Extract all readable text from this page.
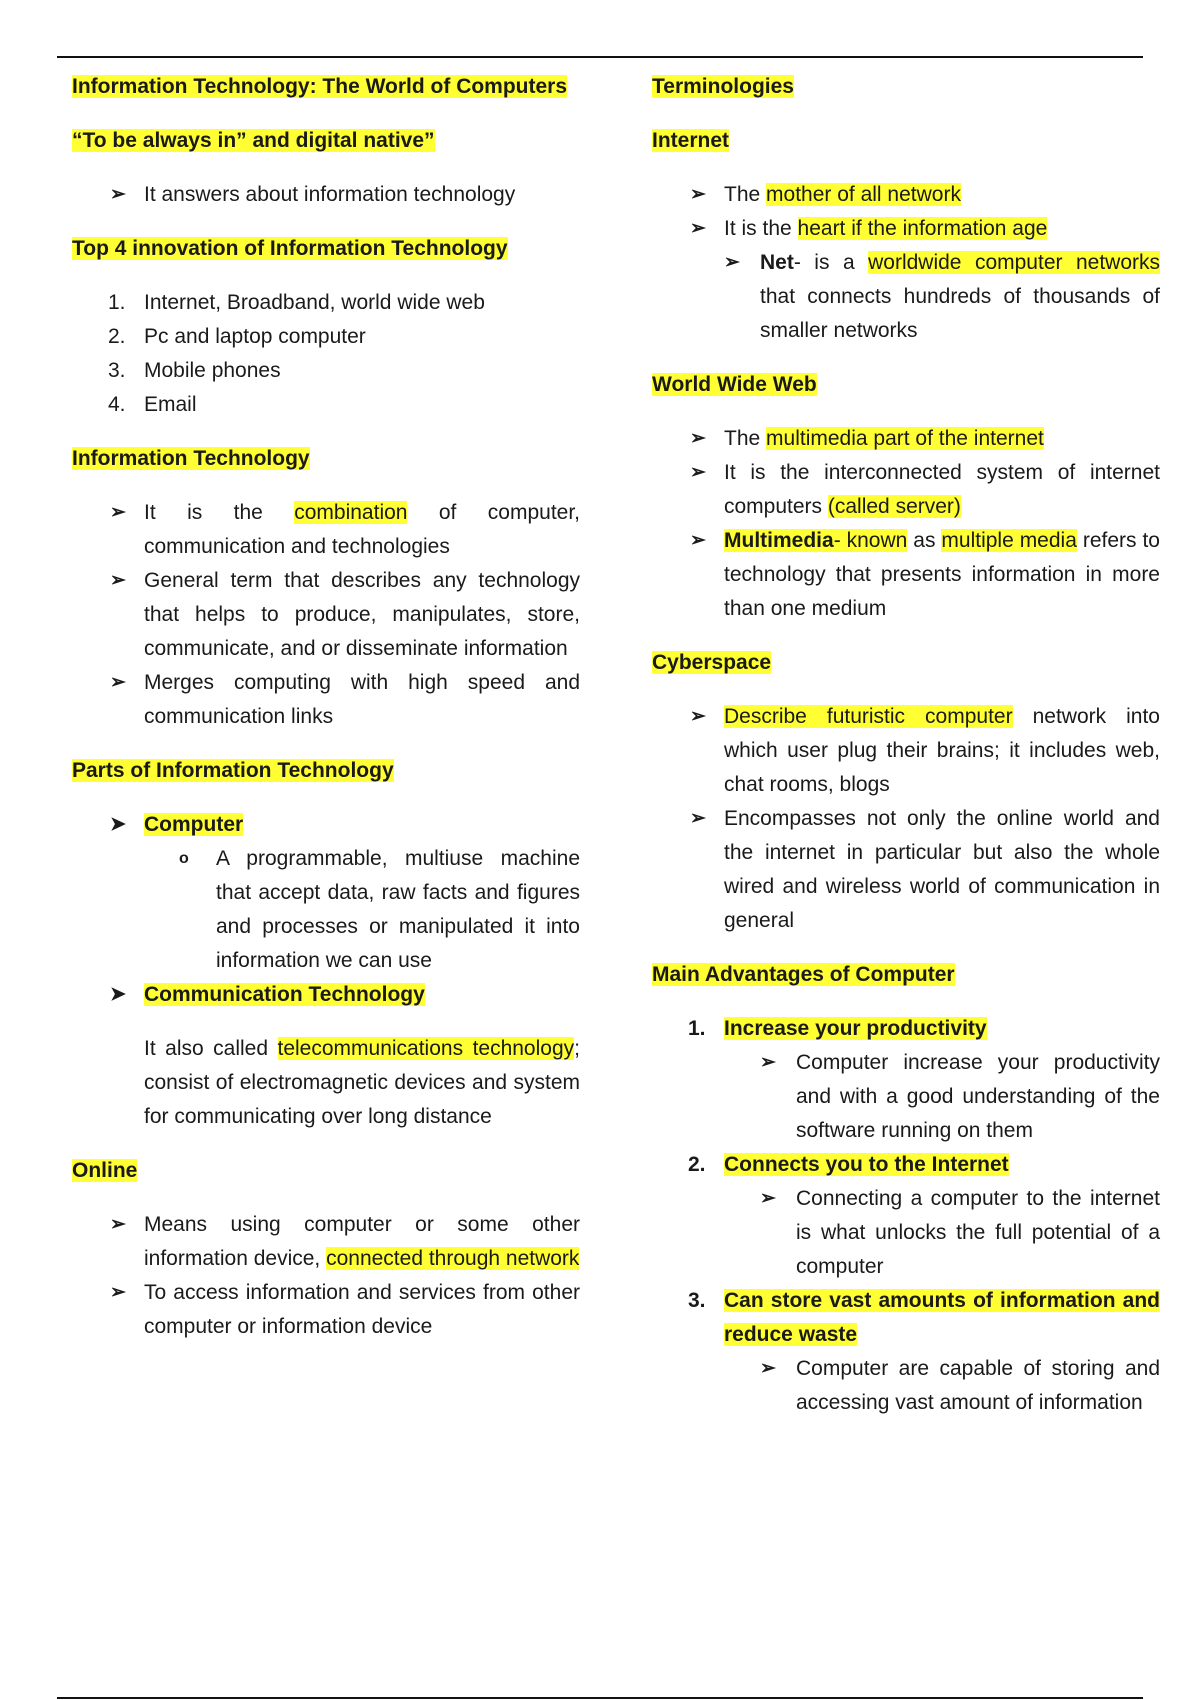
Information Technology: The World of Computers

“To be always in” and digital native”

➢ It answers about information technology

Top 4 innovation of Information Technology

1. Internet, Broadband, world wide web
2. Pc and laptop computer
3. Mobile phones
4. Email

Information Technology

➢ It is the combination of computer, communication and technologies
➢ General term that describes any technology that helps to produce, manipulates, store, communicate, and or disseminate information
➢ Merges computing with high speed and communication links

Parts of Information Technology

➤ Computer
o A programmable, multiuse machine that accept data, raw facts and figures and processes or manipulated it into information we can use
➤ Communication Technology
It also called telecommunications technology; consist of electromagnetic devices and system for communicating over long distance

Online

➢ Means using computer or some other information device, connected through network
➢ To access information and services from other computer or information device

Terminologies

Internet

➢ The mother of all network
➢ It is the heart if the information age
➢ Net- is a worldwide computer networks that connects hundreds of thousands of smaller networks

World Wide Web

➢ The multimedia part of the internet
➢ It is the interconnected system of internet computers (called server)
➢ Multimedia- known as multiple media refers to technology that presents information in more than one medium

Cyberspace

➢ Describe futuristic computer network into which user plug their brains; it includes web, chat rooms, blogs
➢ Encompasses not only the online world and the internet in particular but also the whole wired and wireless world of communication in general

Main Advantages of Computer

1. Increase your productivity
➢ Computer increase your productivity and with a good understanding of the software running on them
2. Connects you to the Internet
➢ Connecting a computer to the internet is what unlocks the full potential of a computer
3. Can store vast amounts of information and reduce waste
➢ Computer are capable of storing and accessing vast amount of information
